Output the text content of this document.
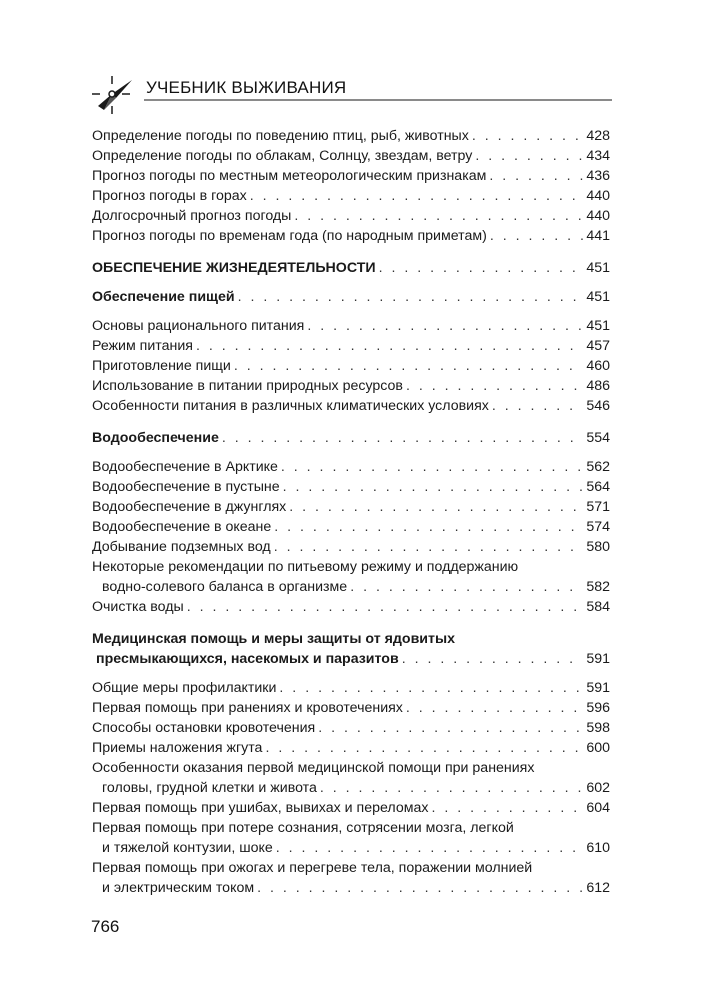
УЧЕБНИК ВЫЖИВАНИЯ
Определение погоды по поведению птиц, рыб, животных . . .	428
Определение погоды по облакам, Солнцу, звездам, ветру . . .	434
Прогноз погоды по местным метеорологическим признакам . . .	436
Прогноз погоды в горах . . .	440
Долгосрочный прогноз погоды . . .	440
Прогноз погоды по временам года (по народным приметам) . . .	441
ОБЕСПЕЧЕНИЕ ЖИЗНЕДЕЯТЕЛЬНОСТИ . . .	451
Обеспечение пищей . . .	451
Основы рационального питания . . .	451
Режим питания . . .	457
Приготовление пищи . . .	460
Использование в питании природных ресурсов . . .	486
Особенности питания в различных климатических условиях . . .	546
Водообеспечение . . .	554
Водообеспечение в Арктике . . .	562
Водообеспечение в пустыне . . .	564
Водообеспечение в джунглях . . .	571
Водообеспечение в океане . . .	574
Добывание подземных вод . . .	580
Некоторые рекомендации по питьевому режиму и поддержанию
водно-солевого баланса в организме . . .	582
Очистка воды . . .	584
Медицинская помощь и меры защиты от ядовитых
пресмыкающихся, насекомых и паразитов . . .	591
Общие меры профилактики . . .	591
Первая помощь при ранениях и кровотечениях . . .	596
Способы остановки кровотечения . . .	598
Приемы наложения жгута . . .	600
Особенности оказания первой медицинской помощи при ранениях
головы, грудной клетки и живота . . .	602
Первая помощь при ушибах, вывихах и переломах . . .	604
Первая помощь при потере сознания, сотрясении мозга, легкой
и тяжелой контузии, шоке . . .	610
Первая помощь при ожогах и перегреве тела, поражении молнией
и электрическим током . . .	612
766
